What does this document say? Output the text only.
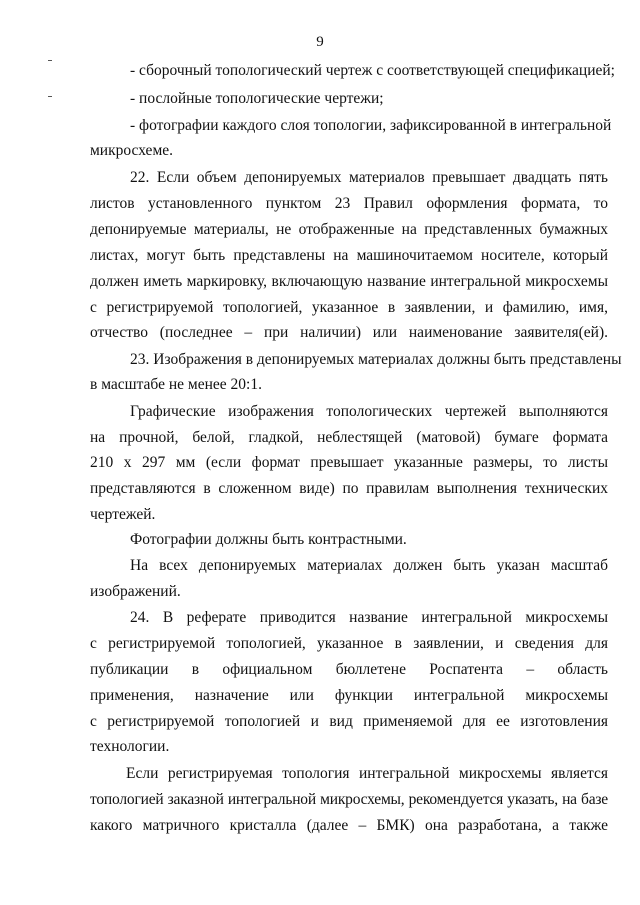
9
- сборочный топологический чертеж с соответствующей спецификацией;
- послойные топологические чертежи;
- фотографии каждого слоя топологии, зафиксированной в интегральной
микросхеме.
22. Если объем депонируемых материалов превышает двадцать пять
листов установленного пунктом 23 Правил оформления формата, то
депонируемые материалы, не отображенные на представленных бумажных
листах, могут быть представлены на машиночитаемом носителе, который
должен иметь маркировку, включающую название интегральной микросхемы
с регистрируемой топологией, указанное в заявлении, и фамилию, имя,
отчество (последнее – при наличии) или наименование заявителя(ей).
23. Изображения в депонируемых материалах должны быть представлены
в масштабе не менее 20:1.
Графические изображения топологических чертежей выполняются
на прочной, белой, гладкой, неблестящей (матовой) бумаге формата
210 х 297 мм (если формат превышает указанные размеры, то листы
представляются в сложенном виде) по правилам выполнения технических
чертежей.
Фотографии должны быть контрастными.
На всех депонируемых материалах должен быть указан масштаб
изображений.
24. В реферате приводится название интегральной микросхемы
с регистрируемой топологией, указанное в заявлении, и сведения для
публикации в официальном бюллетене Роспатента – область
применения, назначение или функции интегральной микросхемы
с регистрируемой топологией и вид применяемой для ее изготовления
технологии.
Если регистрируемая топология интегральной микросхемы является
топологией заказной интегральной микросхемы, рекомендуется указать, на базе
какого матричного кристалла (далее – БМК) она разработана, а также
